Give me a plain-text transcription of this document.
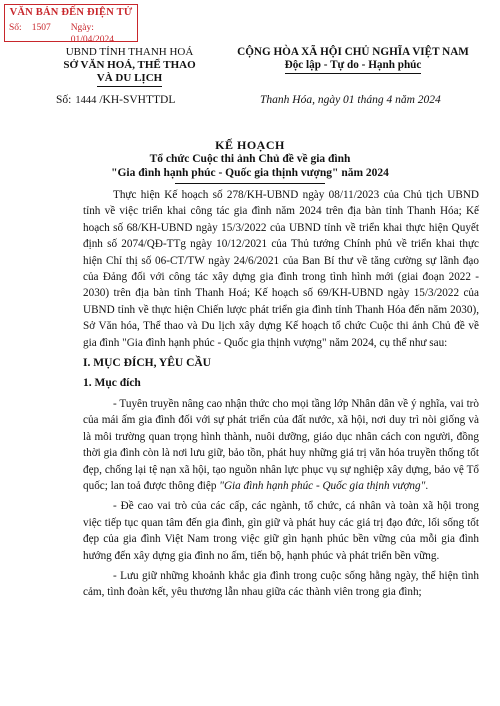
VĂN BẢN ĐẾN ĐIỆN TỬ
Số: 1507	Ngày: 01/04/2024
UBND TỈNH THANH HOÁ
SỞ VĂN HOÁ, THỂ THAO
VÀ DU LỊCH
CỘNG HÒA XÃ HỘI CHỦ NGHĨA VIỆT NAM
Độc lập - Tự do - Hạnh phúc
Số: 1444 /KH-SVHTTDL	Thanh Hóa, ngày 01 tháng 4 năm 2024
KẾ HOẠCH
Tổ chức Cuộc thi ảnh Chủ đề về gia đình
"Gia đình hạnh phúc - Quốc gia thịnh vượng" năm 2024

Thực hiện Kế hoạch số 278/KH-UBND ngày 08/11/2023 của Chủ tịch UBND tỉnh về việc triển khai công tác gia đình năm 2024 trên địa bàn tỉnh Thanh Hóa; Kế hoạch số 68/KH-UBND ngày 15/3/2022 của UBND tỉnh về triển khai thực hiện Quyết định số 2074/QĐ-TTg ngày 10/12/2021 của Thủ tướng Chính phủ về triển khai thực hiện Chỉ thị số 06-CT/TW ngày 24/6/2021 của Ban Bí thư về tăng cường sự lãnh đạo của Đảng đối với công tác xây dựng gia đình trong tình hình mới (giai đoạn 2022 - 2030) trên địa bàn tỉnh Thanh Hoá; Kế hoạch số 69/KH-UBND ngày 15/3/2022 của UBND tỉnh về thực hiện Chiến lược phát triển gia đình tỉnh Thanh Hóa đến năm 2030), Sở Văn hóa, Thể thao và Du lịch xây dựng Kế hoạch tổ chức Cuộc thi ảnh Chủ đề về gia đình "Gia đình hạnh phúc - Quốc gia thịnh vượng" năm 2024, cụ thể như sau:

I. MỤC ĐÍCH, YÊU CẦU
1. Mục đích

- Tuyên truyền nâng cao nhận thức cho mọi tầng lớp Nhân dân về ý nghĩa, vai trò của mái ấm gia đình đối với sự phát triển của đất nước, xã hội, nơi duy trì nòi giống và là môi trường quan trọng hình thành, nuôi dưỡng, giáo dục nhân cách con người, đồng thời gia đình còn là nơi lưu giữ, bảo tồn, phát huy những giá trị văn hóa truyền thống tốt đẹp, chống lại tệ nạn xã hội, tạo nguồn nhân lực phục vụ sự nghiệp xây dựng, bảo vệ Tổ quốc; lan toả được thông điệp "Gia đình hạnh phúc - Quốc gia thịnh vượng".

- Đề cao vai trò của các cấp, các ngành, tổ chức, cá nhân và toàn xã hội trong việc tiếp tục quan tâm đến gia đình, gìn giữ và phát huy các giá trị đạo đức, lối sống tốt đẹp của gia đình Việt Nam trong việc giữ gìn hạnh phúc bền vững của mỗi gia đình hướng đến xây dựng gia đình no ấm, tiến bộ, hạnh phúc và phát triển bền vững.

- Lưu giữ những khoảnh khắc gia đình trong cuộc sống hằng ngày, thể hiện tình cảm, tình đoàn kết, yêu thương lẫn nhau giữa các thành viên trong gia đình;
